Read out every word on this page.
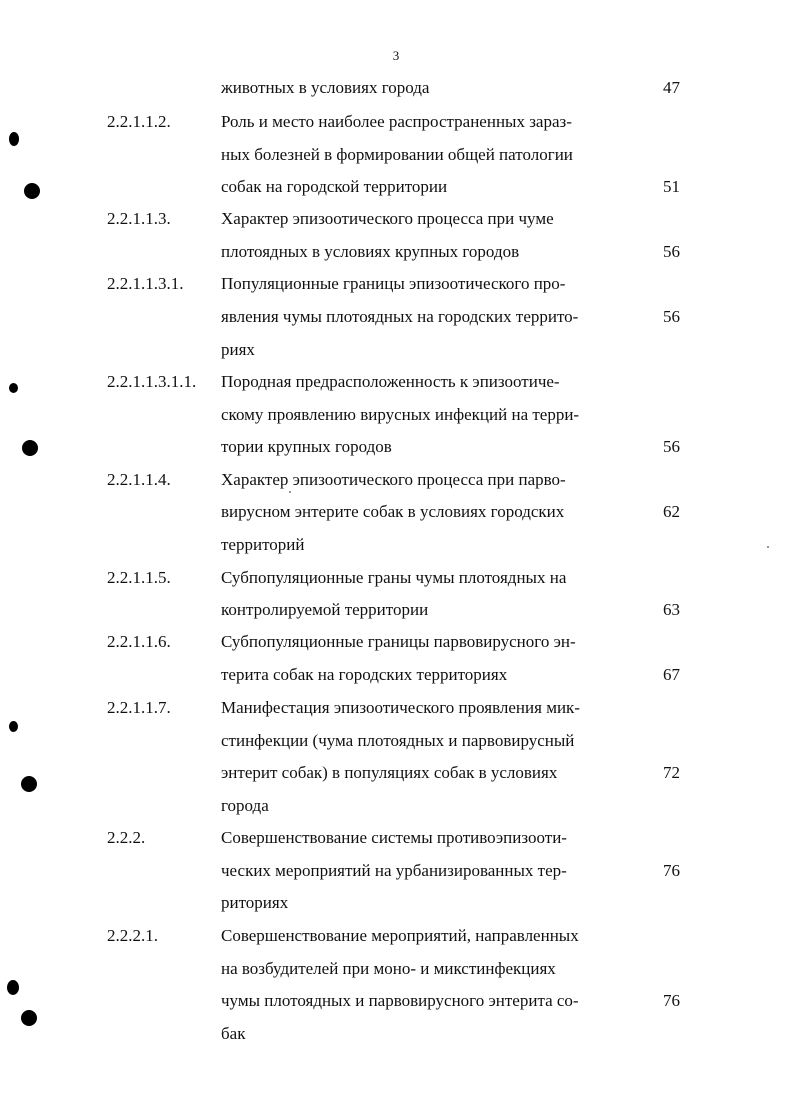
3
животных в условиях города	47
2.2.1.1.2.	Роль и место наиболее распространенных зараз-
ных болезней в формировании общей патологии
собак на городской территории	51
2.2.1.1.3.	Характер эпизоотического процесса при чуме
плотоядных в условиях крупных городов	56
2.2.1.1.3.1. Популяционные границы эпизоотического про-
явления чумы плотоядных на городских террито-	56
риях
2.2.1.1.3.1.1. Породная предрасположенность к эпизоотиче-
скому проявлению вирусных инфекций на терри-
тории крупных городов	56
2.2.1.1.4.	Характер эпизоотического процесса при парво-
вирусном энтерите собак в условиях городских	62
территорий
2.2.1.1.5.	Субпопуляционные граны чумы плотоядных на
контролируемой территории	63
2.2.1.1.6.	Субпопуляционные границы парвовирусного эн-
терита собак на городских территориях	67
2.2.1.1.7.	Манифестация эпизоотического проявления мик-
стинфекции (чума плотоядных и парвовирусный
энтерит собак) в популяциях собак в условиях	72
города
2.2.2.	Совершенствование системы противоэпизооти-
ческих мероприятий на урбанизированных тер-	76
риториях
2.2.2.1.	Совершенствование мероприятий, направленных
на возбудителей при моно- и микстинфекциях
чумы плотоядных и парвовирусного энтерита со-	76
бак
